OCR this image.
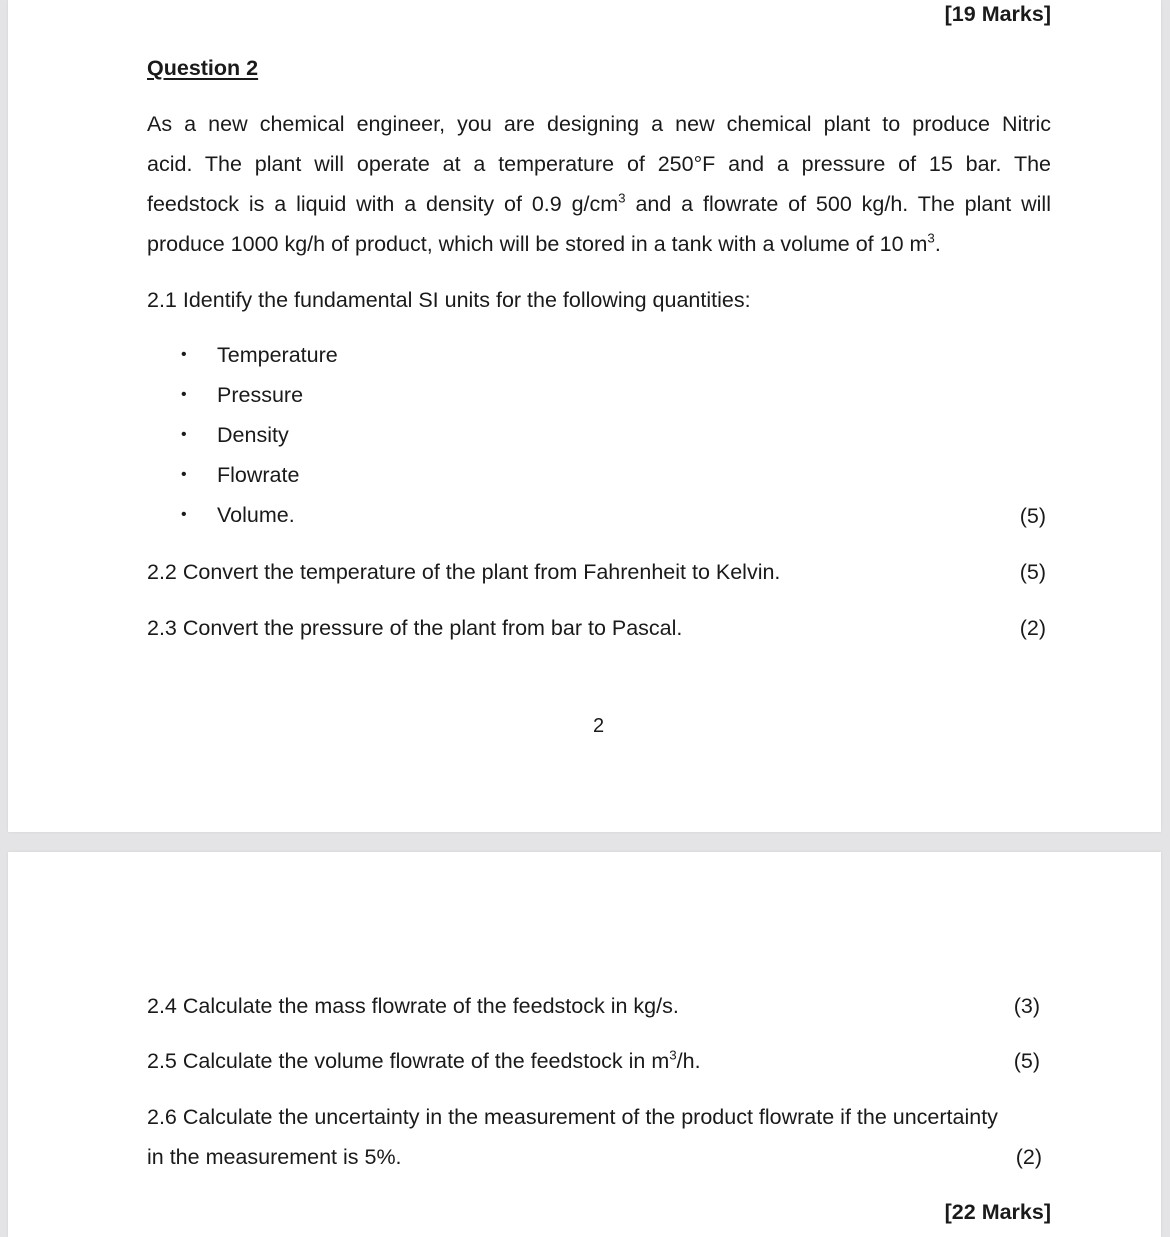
[19 Marks]
Question 2
As a new chemical engineer, you are designing a new chemical plant to produce Nitric
acid. The plant will operate at a temperature of 250°F and a pressure of 15 bar. The
feedstock is a liquid with a density of 0.9 $g/cm^3$ and a flowrate of 500 kg/h. The plant will
produce 1000 kg/h of product, which will be stored in a tank with a volume of 10 $m^3$.
2.1 Identify the fundamental SI units for the following quantities:
• Temperature
• Pressure
• Density
• Flowrate
• Volume.	(5)
2.2 Convert the temperature of the plant from Fahrenheit to Kelvin.	(5)
2.3 Convert the pressure of the plant from bar to Pascal.	(2)
2
2.4 Calculate the mass flowrate of the feedstock in kg/s.	(3)
2.5 Calculate the volume flowrate of the feedstock in $m^3/h$.	(5)
2.6 Calculate the uncertainty in the measurement of the product flowrate if the uncertainty
in the measurement is 5%.	(2)
[22 Marks]
